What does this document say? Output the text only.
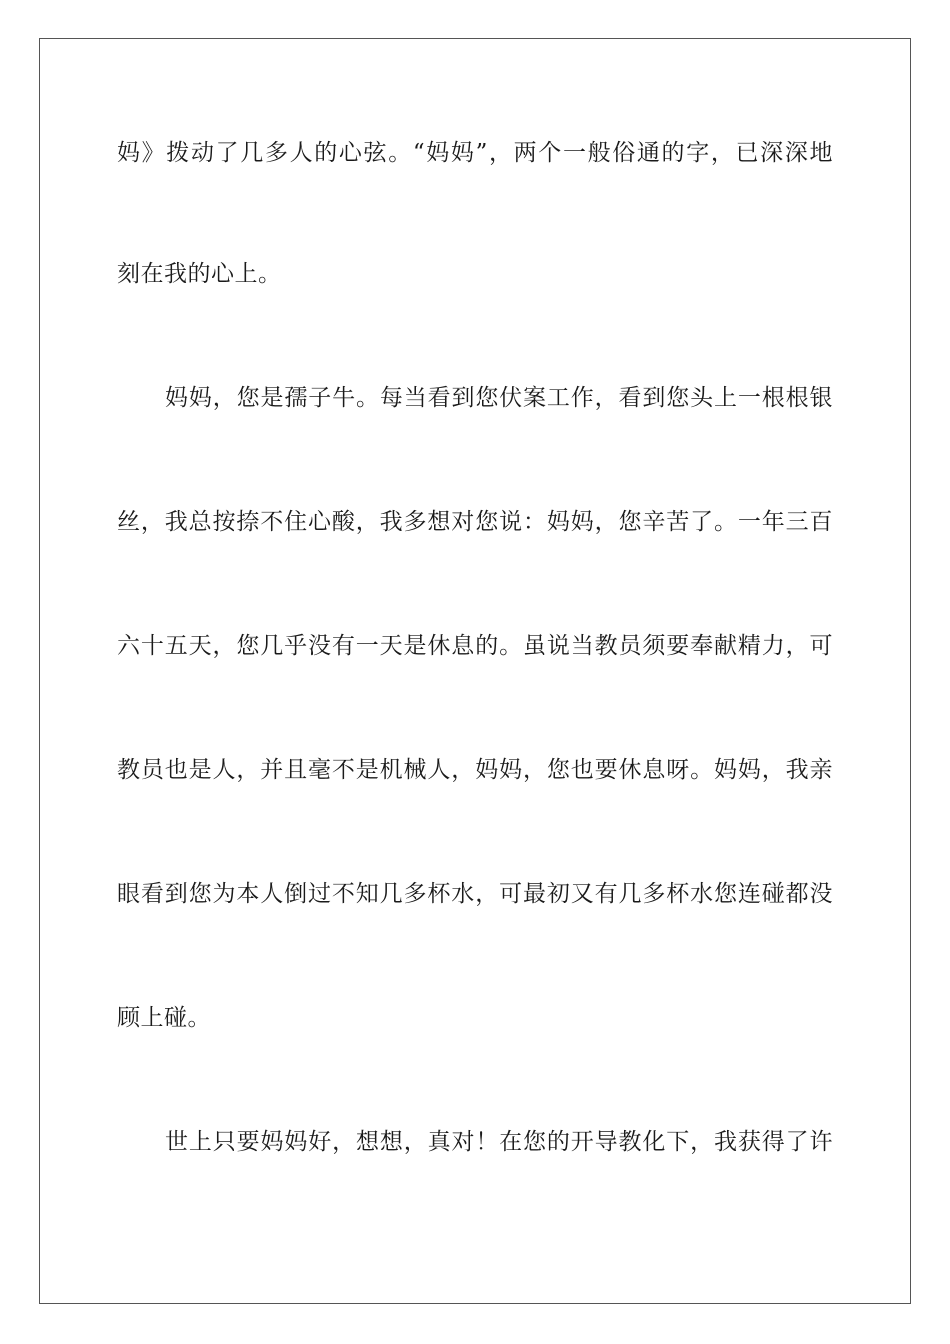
妈》拨动了几多人的心弦。“妈妈”，两个一般俗通的字，已深深地
刻在我的心上。
妈妈，您是孺子牛。每当看到您伏案工作，看到您头上一根根银
丝，我总按捺不住心酸，我多想对您说：妈妈，您辛苦了。一年三百
六十五天，您几乎没有一天是休息的。虽说当教员须要奉献精力，可
教员也是人，并且毫不是机械人，妈妈，您也要休息呀。妈妈，我亲
眼看到您为本人倒过不知几多杯水，可最初又有几多杯水您连碰都没
顾上碰。
世上只要妈妈好，想想，真对！在您的开导教化下，我获得了许
